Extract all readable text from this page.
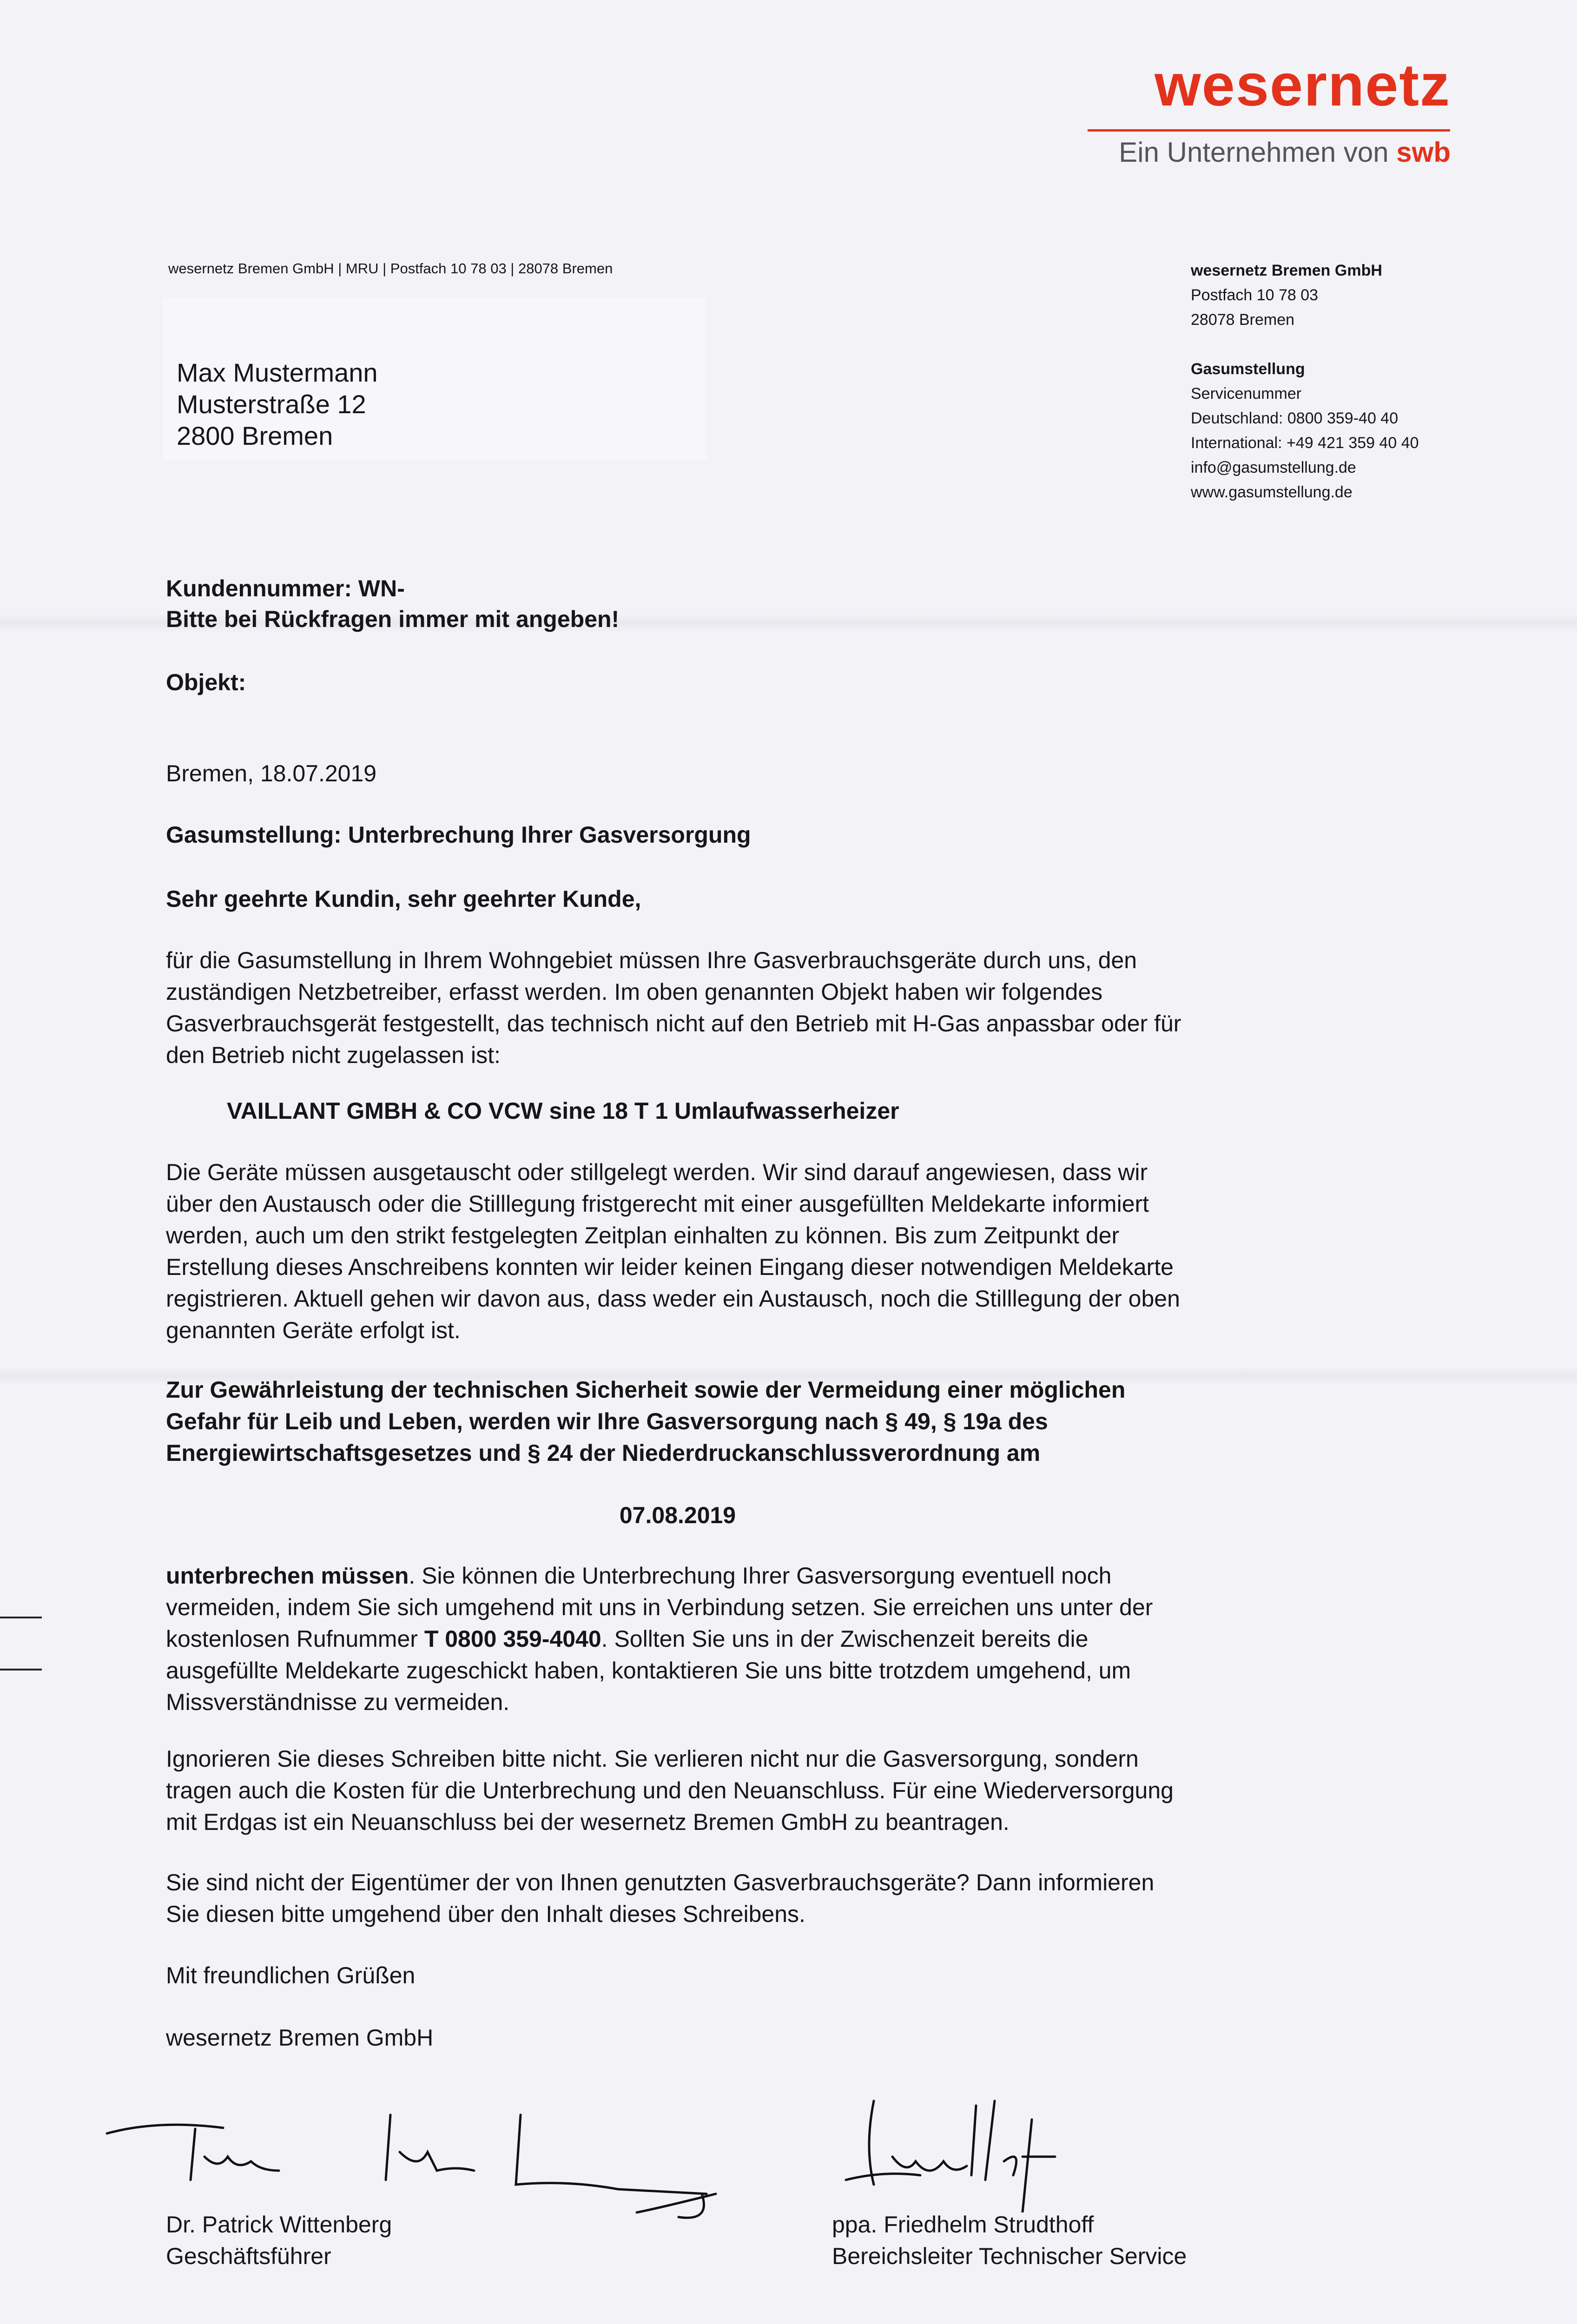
wesernetz
Ein Unternehmen von swb
wesernetz Bremen GmbH | MRU | Postfach 10 78 03 | 28078 Bremen
Max Mustermann
Musterstraße 12
2800 Bremen
wesernetz Bremen GmbH
Postfach 10 78 03
28078 Bremen
Gasumstellung
Servicenummer
Deutschland: 0800 359-40 40
International: +49 421 359 40 40
info@gasumstellung.de
www.gasumstellung.de
Kundennummer: WN-
Bitte bei Rückfragen immer mit angeben!
Objekt:
Bremen, 18.07.2019
Gasumstellung: Unterbrechung Ihrer Gasversorgung
Sehr geehrte Kundin, sehr geehrter Kunde,
für die Gasumstellung in Ihrem Wohngebiet müssen Ihre Gasverbrauchsgeräte durch uns, den
zuständigen Netzbetreiber, erfasst werden. Im oben genannten Objekt haben wir folgendes
Gasverbrauchsgerät festgestellt, das technisch nicht auf den Betrieb mit H-Gas anpassbar oder für
den Betrieb nicht zugelassen ist:
VAILLANT GMBH & CO VCW sine 18 T 1 Umlaufwasserheizer
Die Geräte müssen ausgetauscht oder stillgelegt werden. Wir sind darauf angewiesen, dass wir
über den Austausch oder die Stilllegung fristgerecht mit einer ausgefüllten Meldekarte informiert
werden, auch um den strikt festgelegten Zeitplan einhalten zu können. Bis zum Zeitpunkt der
Erstellung dieses Anschreibens konnten wir leider keinen Eingang dieser notwendigen Meldekarte
registrieren. Aktuell gehen wir davon aus, dass weder ein Austausch, noch die Stilllegung der oben
genannten Geräte erfolgt ist.
Zur Gewährleistung der technischen Sicherheit sowie der Vermeidung einer möglichen
Gefahr für Leib und Leben, werden wir Ihre Gasversorgung nach § 49, § 19a des
Energiewirtschaftsgesetzes und § 24 der Niederdruckanschlussverordnung am
07.08.2019
unterbrechen müssen. Sie können die Unterbrechung Ihrer Gasversorgung eventuell noch
vermeiden, indem Sie sich umgehend mit uns in Verbindung setzen. Sie erreichen uns unter der
kostenlosen Rufnummer T 0800 359-4040. Sollten Sie uns in der Zwischenzeit bereits die
ausgefüllte Meldekarte zugeschickt haben, kontaktieren Sie uns bitte trotzdem umgehend, um
Missverständnisse zu vermeiden.
Ignorieren Sie dieses Schreiben bitte nicht. Sie verlieren nicht nur die Gasversorgung, sondern
tragen auch die Kosten für die Unterbrechung und den Neuanschluss. Für eine Wiederversorgung
mit Erdgas ist ein Neuanschluss bei der wesernetz Bremen GmbH zu beantragen.
Sie sind nicht der Eigentümer der von Ihnen genutzten Gasverbrauchsgeräte? Dann informieren
Sie diesen bitte umgehend über den Inhalt dieses Schreibens.
Mit freundlichen Grüßen
wesernetz Bremen GmbH
Dr. Patrick Wittenberg
Geschäftsführer
ppa. Friedhelm Strudthoff
Bereichsleiter Technischer Service
